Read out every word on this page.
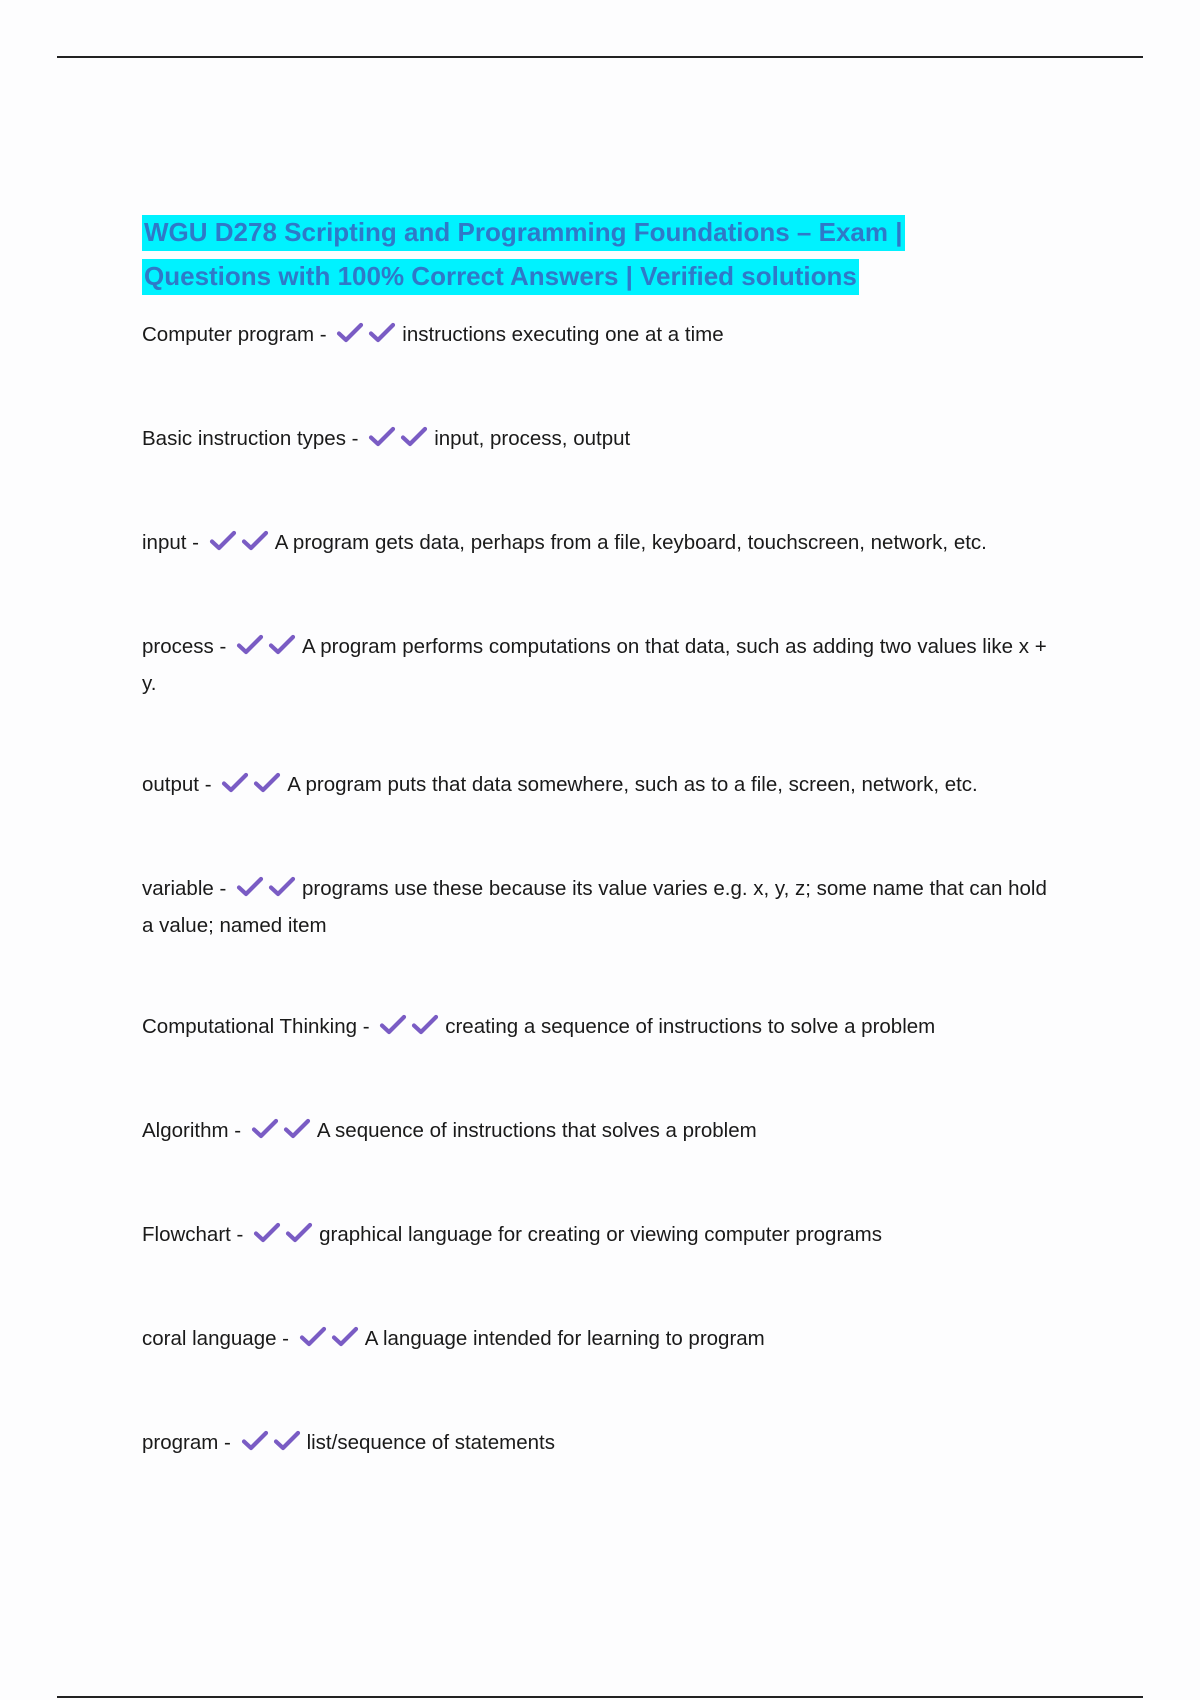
WGU D278 Scripting and Programming Foundations – Exam |
Questions with 100% Correct Answers | Verified solutions
Computer program -	instructions executing one at a time
Basic instruction types -	input, process, output
input -	A program gets data, perhaps from a file, keyboard, touchscreen, network, etc.
process -	A program performs computations on that data, such as adding two values like x + y.
output -	A program puts that data somewhere, such as to a file, screen, network, etc.
variable -	programs use these because its value varies e.g. x, y, z; some name that can hold a value; named item
Computational Thinking -	creating a sequence of instructions to solve a problem
Algorithm -	A sequence of instructions that solves a problem
Flowchart -	graphical language for creating or viewing computer programs
coral language -	A language intended for learning to program
program -	list/sequence of statements
